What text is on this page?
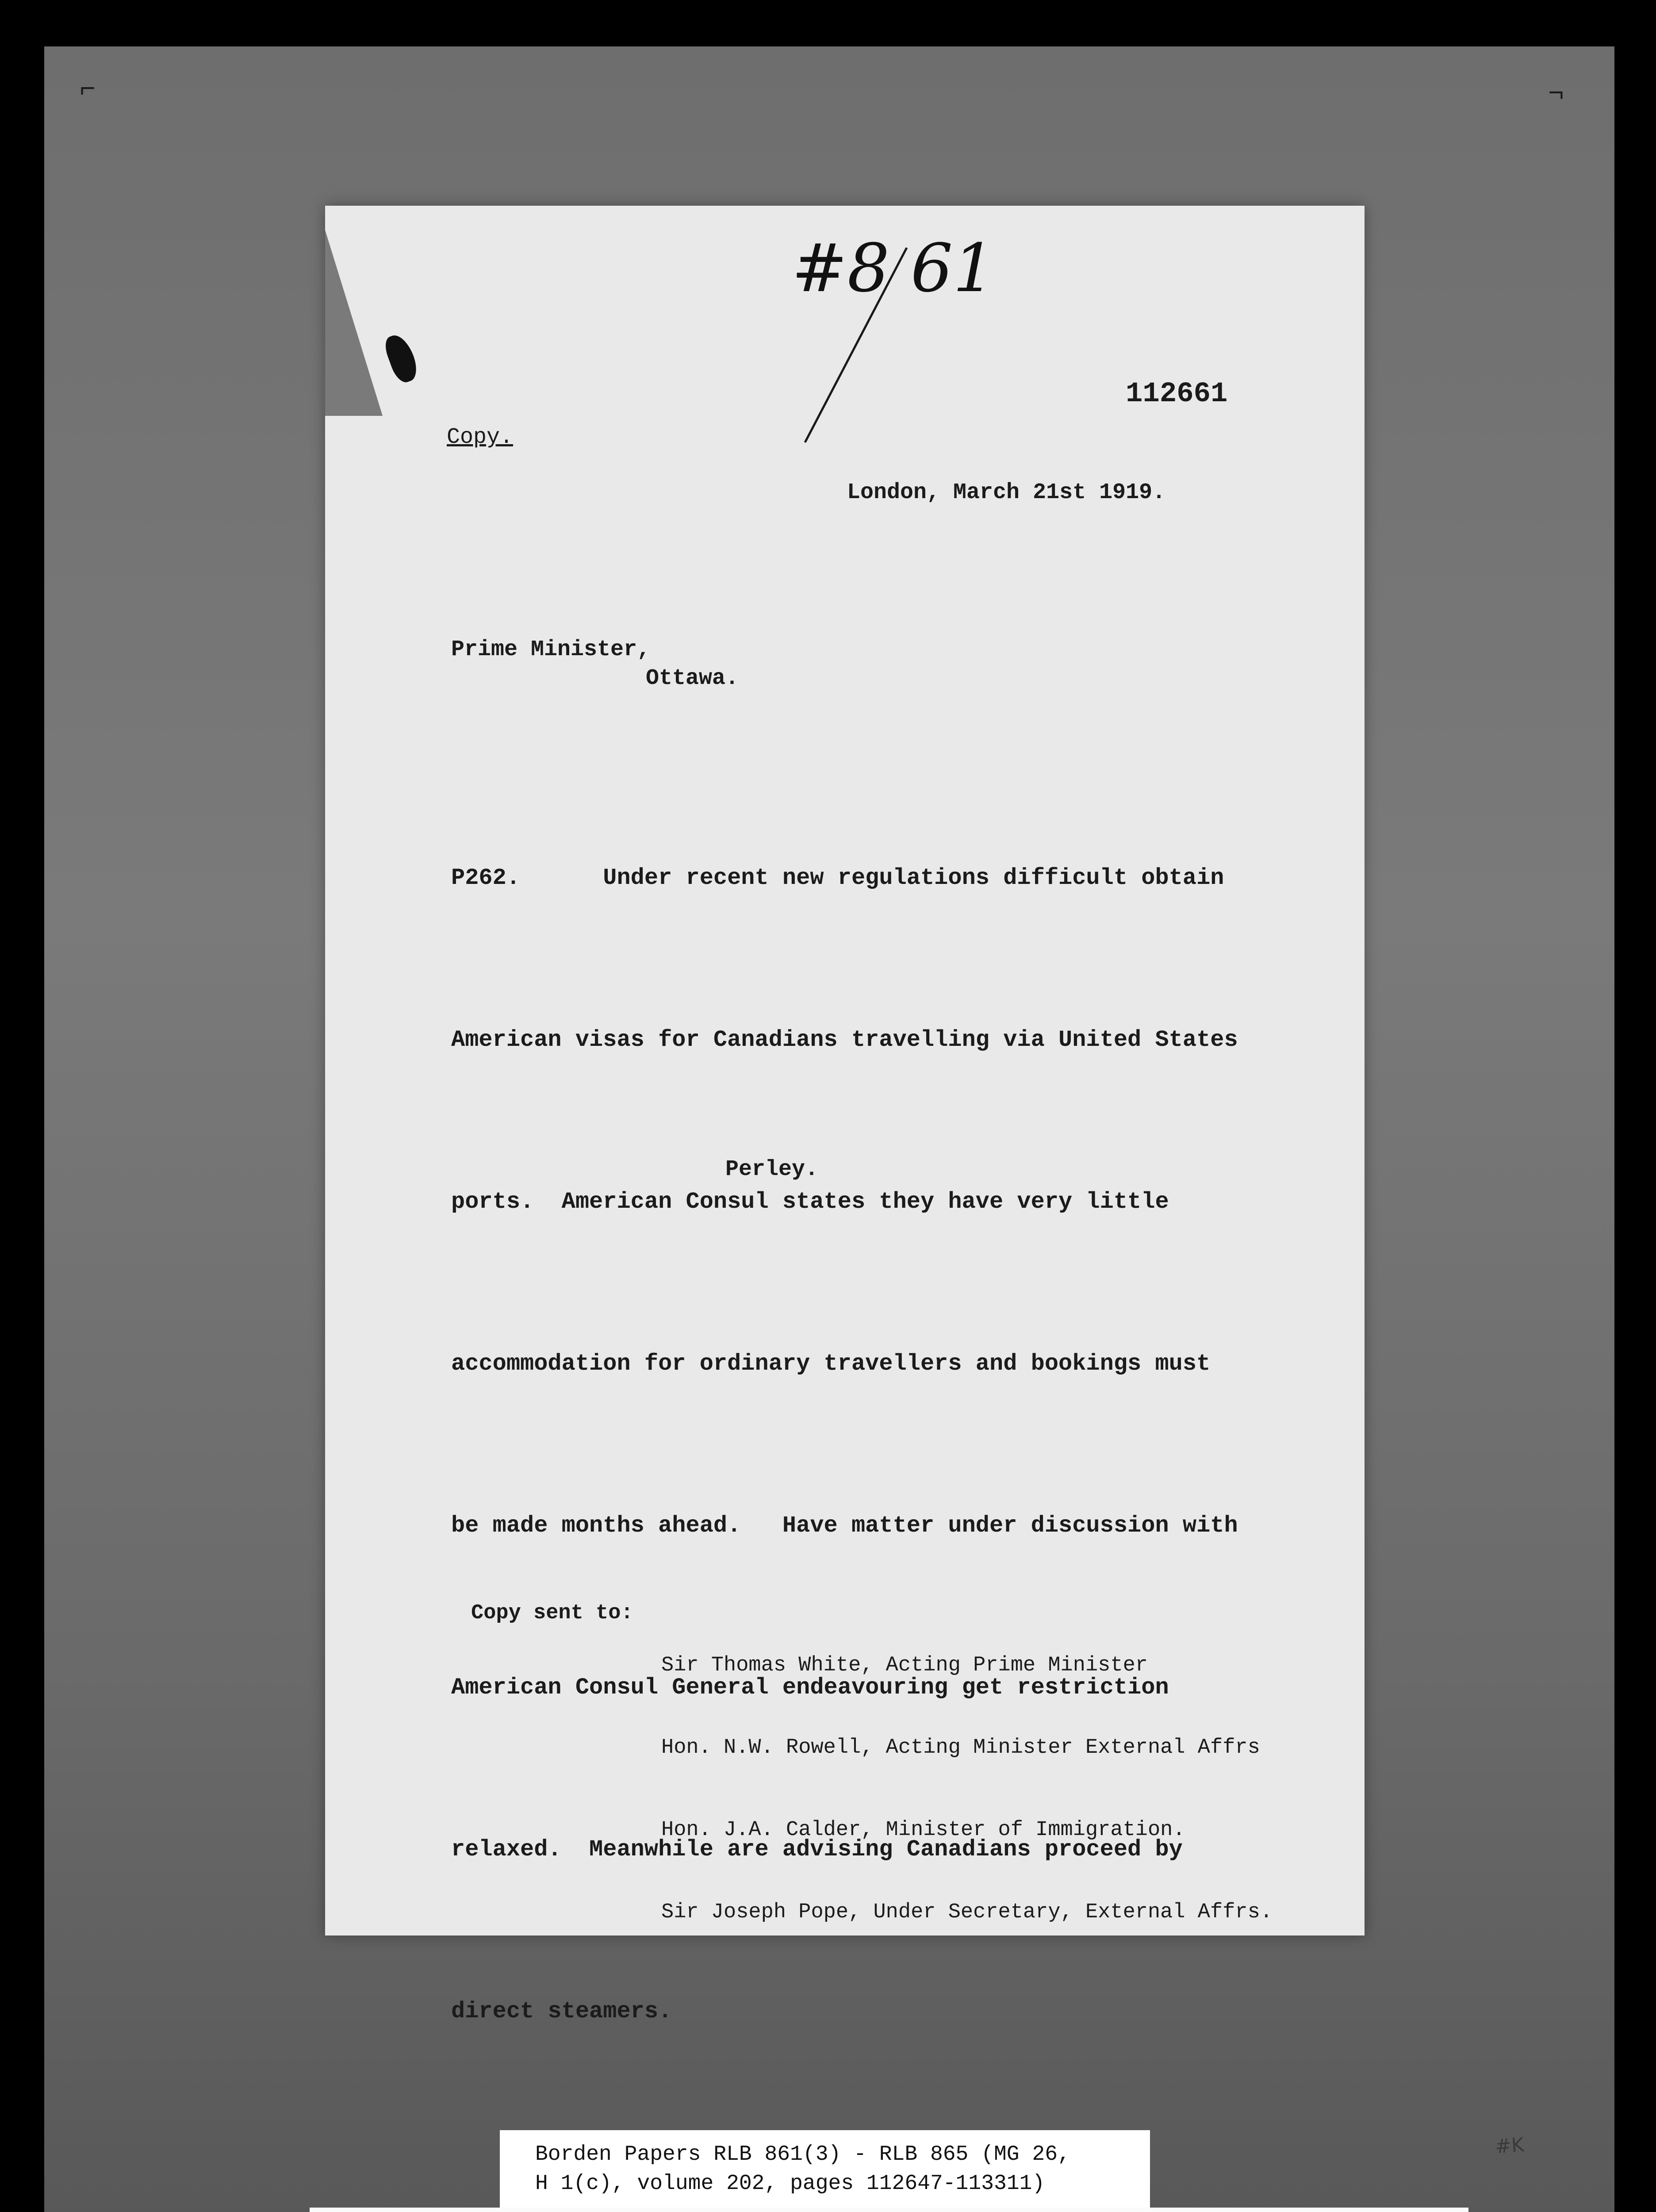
⌐	¬
#8 61
112661
Copy.
London, March 21st 1919.
Prime Minister,
Ottawa.

P262.      Under recent new regulations difficult obtain

American visas for Canadians travelling via United States

ports.  American Consul states they have very little

accommodation for ordinary travellers and bookings must

be made months ahead.   Have matter under discussion with

American Consul General endeavouring get restriction

relaxed.  Meanwhile are advising Canadians proceed by

direct steamers.

Perley.
Copy sent to:

Sir Thomas White, Acting Prime Minister

Hon. N.W. Rowell, Acting Minister External Affrs

Hon. J.A. Calder, Minister of Immigration.

Sir Joseph Pope, Under Secretary, External Affrs.

Borden Papers RLB 861(3) - RLB 865 (MG 26,
H 1(c), volume 202, pages 112647-113311)
#K
